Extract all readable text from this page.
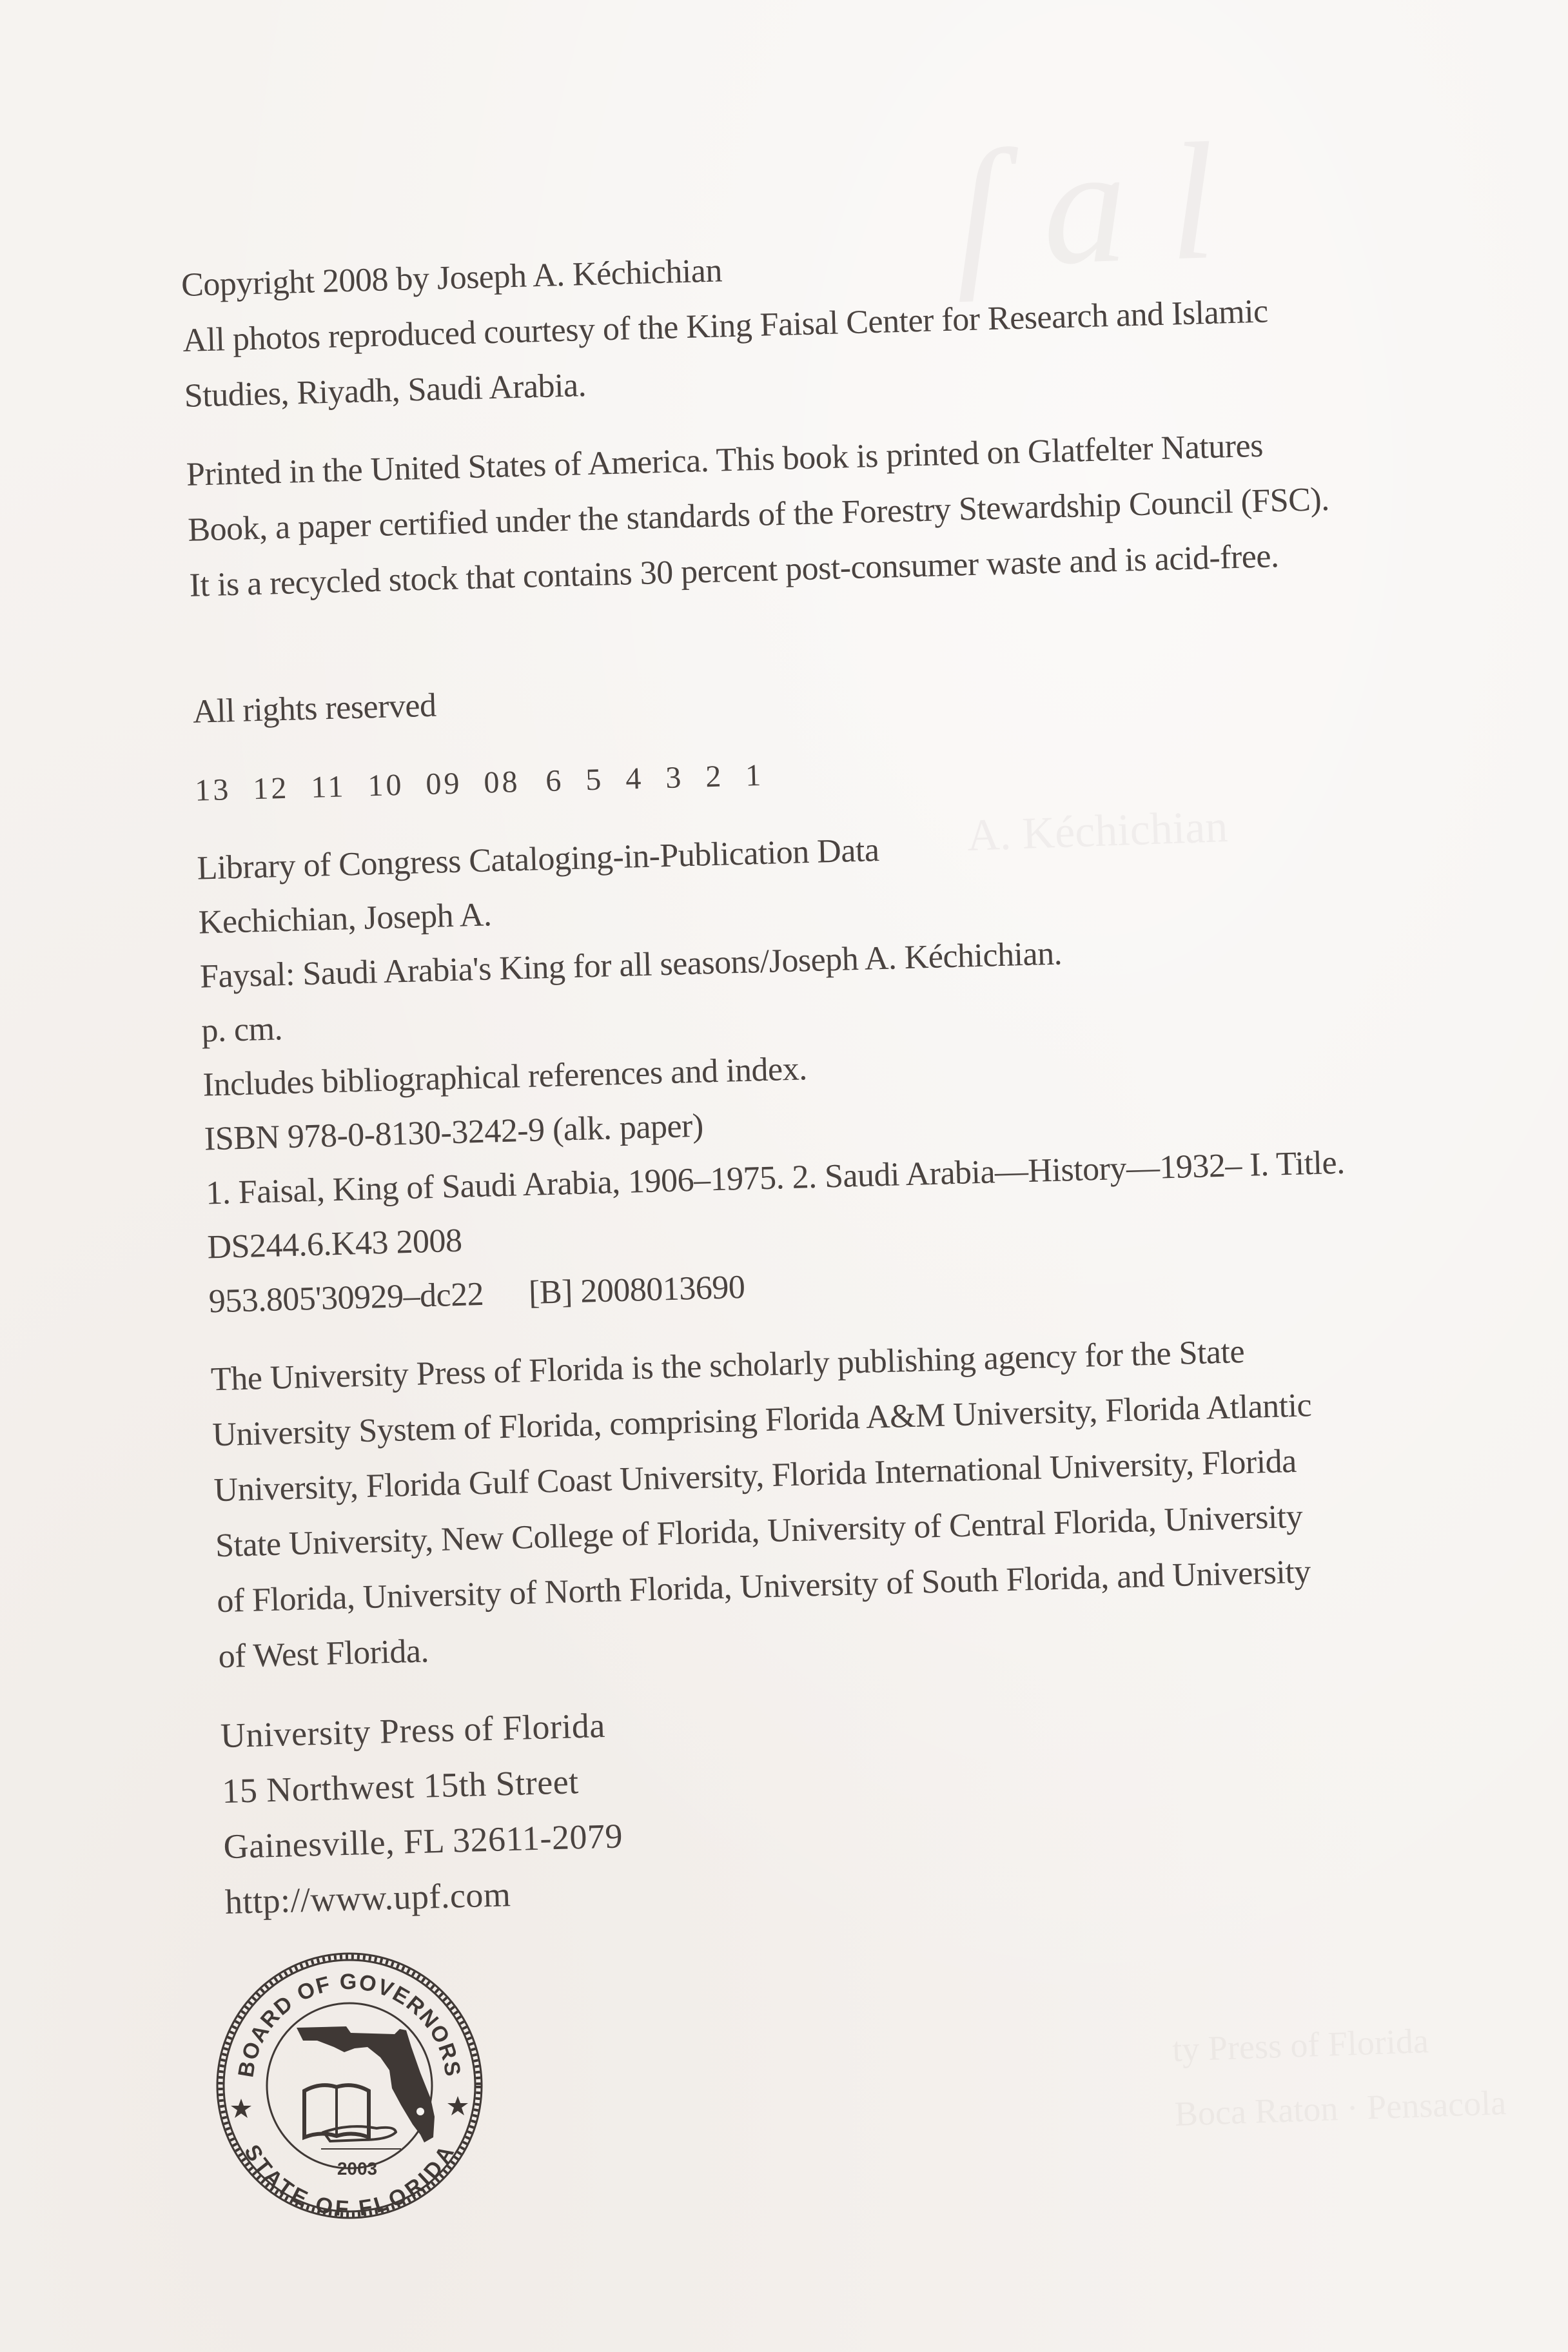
ſ a l
A. Kéchichian
ty Press of Florida
Boca Raton · Pensacola
Copyright 2008 by Joseph A. Kéchichian
All photos reproduced courtesy of the King Faisal Center for Research and Islamic
Studies, Riyadh, Saudi Arabia.
Printed in the United States of America. This book is printed on Glatfelter Natures
Book, a paper certified under the standards of the Forestry Stewardship Council (FSC).
It is a recycled stock that contains 30 percent post-consumer waste and is acid-free.
All rights reserved
13 12 11 10 09 08 6 5 4 3 2 1
Library of Congress Cataloging-in-Publication Data
Kechichian, Joseph A.
Faysal: Saudi Arabia's King for all seasons/Joseph A. Kéchichian.
p. cm.
Includes bibliographical references and index.
ISBN 978-0-8130-3242-9 (alk. paper)
1. Faisal, King of Saudi Arabia, 1906–1975. 2. Saudi Arabia—History—1932– I. Title.
DS244.6.K43 2008
953.805'30929–dc22 [B] 2008013690
The University Press of Florida is the scholarly publishing agency for the State
University System of Florida, comprising Florida A&M University, Florida Atlantic
University, Florida Gulf Coast University, Florida International University, Florida
State University, New College of Florida, University of Central Florida, University
of Florida, University of North Florida, University of South Florida, and University
of West Florida.
University Press of Florida
15 Northwest 15th Street
Gainesville, FL 32611-2079
http://www.upf.com
BOARD OF GOVERNORS
STATE OF FLORIDA
2003
